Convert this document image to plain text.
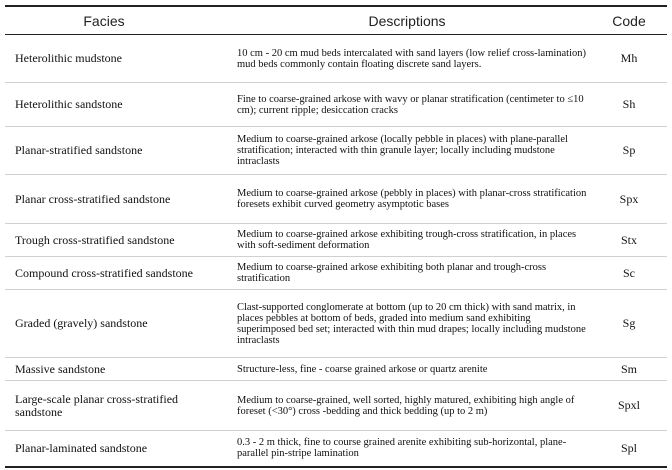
Facies	Descriptions	Code
Heterolithic mudstone	10 cm - 20 cm mud beds intercalated with sand layers (low relief cross-lamination) mud beds commonly contain floating discrete sand layers.	Mh
Heterolithic sandstone	Fine to coarse-grained arkose with wavy or planar stratification (centimeter to ≤10 cm); current ripple; desiccation cracks	Sh
Planar-stratified sandstone	Medium to coarse-grained arkose (locally pebble in places) with plane-parallel stratification; interacted with thin granule layer; locally including mudstone intraclasts	Sp
Planar cross-stratified sandstone	Medium to coarse-grained arkose (pebbly in places) with planar-cross stratification foresets exhibit curved geometry asymptotic bases	Spx
Trough cross-stratified sandstone	Medium to coarse-grained arkose exhibiting trough-cross stratification, in places with soft-sediment deformation	Stx
Compound cross-stratified sandstone	Medium to coarse-grained arkose exhibiting both planar and trough-cross stratification	Sc
Graded (gravely) sandstone	Clast-supported conglomerate at bottom (up to 20 cm thick) with sand matrix, in places pebbles at bottom of beds, graded into medium sand exhibiting superimposed bed set; interacted with thin mud drapes; locally including mudstone intraclasts	Sg
Massive sandstone	Structure-less, fine - coarse grained arkose or quartz arenite	Sm
Large-scale planar cross-stratified sandstone	Medium to coarse-grained, well sorted, highly matured, exhibiting high angle of foreset (<30°) cross -bedding and thick bedding (up to 2 m)	Spxl
Planar-laminated sandstone	0.3 - 2 m thick, fine to course grained arenite exhibiting sub-horizontal, plane-parallel pin-stripe lamination	Spl
